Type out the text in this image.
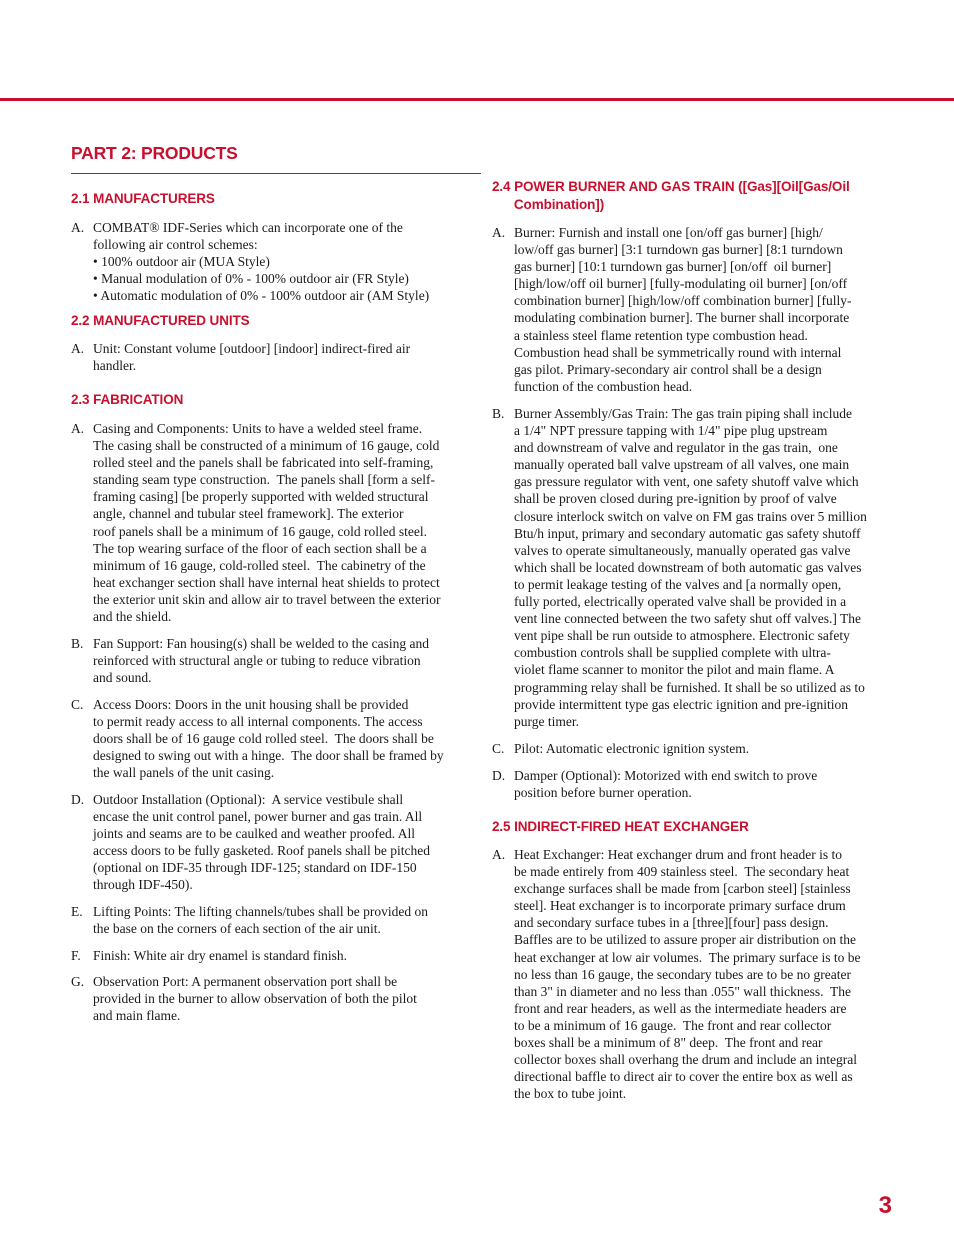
PART 2: PRODUCTS
2.1 MANUFACTURERS
A. COMBAT® IDF-Series which can incorporate one of the
following air control schemes:
• 100% outdoor air (MUA Style)
• Manual modulation of 0% - 100% outdoor air (FR Style)
• Automatic modulation of 0% - 100% outdoor air (AM Style)
2.2 MANUFACTURED UNITS
A. Unit: Constant volume [outdoor] [indoor] indirect-fired air
handler.
2.3 FABRICATION
A. Casing and Components: Units to have a welded steel frame.
The casing shall be constructed of a minimum of 16 gauge, cold
rolled steel and the panels shall be fabricated into self-framing,
standing seam type construction.  The panels shall [form a self-
framing casing] [be properly supported with welded structural
angle, channel and tubular steel framework]. The exterior
roof panels shall be a minimum of 16 gauge, cold rolled steel.
The top wearing surface of the floor of each section shall be a
minimum of 16 gauge, cold-rolled steel.  The cabinetry of the
heat exchanger section shall have internal heat shields to protect
the exterior unit skin and allow air to travel between the exterior
and the shield.
B. Fan Support: Fan housing(s) shall be welded to the casing and
reinforced with structural angle or tubing to reduce vibration
and sound.
C. Access Doors: Doors in the unit housing shall be provided
to permit ready access to all internal components. The access
doors shall be of 16 gauge cold rolled steel.  The doors shall be
designed to swing out with a hinge.  The door shall be framed by
the wall panels of the unit casing.
D. Outdoor Installation (Optional):  A service vestibule shall
encase the unit control panel, power burner and gas train. All
joints and seams are to be caulked and weather proofed. All
access doors to be fully gasketed. Roof panels shall be pitched
(optional on IDF-35 through IDF-125; standard on IDF-150
through IDF-450).
E. Lifting Points: The lifting channels/tubes shall be provided on
the base on the corners of each section of the air unit.
F. Finish: White air dry enamel is standard finish.
G. Observation Port: A permanent observation port shall be
provided in the burner to allow observation of both the pilot
and main flame.
2.4 POWER BURNER AND GAS TRAIN ([Gas][Oil[Gas/Oil
Combination])
A. Burner: Furnish and install one [on/off gas burner] [high/
low/off gas burner] [3:1 turndown gas burner] [8:1 turndown
gas burner] [10:1 turndown gas burner] [on/off  oil burner]
[high/low/off oil burner] [fully-modulating oil burner] [on/off
combination burner] [high/low/off combination burner] [fully-
modulating combination burner]. The burner shall incorporate
a stainless steel flame retention type combustion head.
Combustion head shall be symmetrically round with internal
gas pilot. Primary-secondary air control shall be a design
function of the combustion head.
B. Burner Assembly/Gas Train: The gas train piping shall include
a 1/4" NPT pressure tapping with 1/4" pipe plug upstream
and downstream of valve and regulator in the gas train,  one
manually operated ball valve upstream of all valves, one main
gas pressure regulator with vent, one safety shutoff valve which
shall be proven closed during pre-ignition by proof of valve
closure interlock switch on valve on FM gas trains over 5 million
Btu/h input, primary and secondary automatic gas safety shutoff
valves to operate simultaneously, manually operated gas valve
which shall be located downstream of both automatic gas valves
to permit leakage testing of the valves and [a normally open,
fully ported, electrically operated valve shall be provided in a
vent line connected between the two safety shut off valves.] The
vent pipe shall be run outside to atmosphere. Electronic safety
combustion controls shall be supplied complete with ultra-
violet flame scanner to monitor the pilot and main flame. A
programming relay shall be furnished. It shall be so utilized as to
provide intermittent type gas electric ignition and pre-ignition
purge timer.
C. Pilot: Automatic electronic ignition system.
D. Damper (Optional): Motorized with end switch to prove
position before burner operation.
2.5 INDIRECT-FIRED HEAT EXCHANGER
A. Heat Exchanger: Heat exchanger drum and front header is to
be made entirely from 409 stainless steel.  The secondary heat
exchange surfaces shall be made from [carbon steel] [stainless
steel]. Heat exchanger is to incorporate primary surface drum
and secondary surface tubes in a [three][four] pass design.
Baffles are to be utilized to assure proper air distribution on the
heat exchanger at low air volumes.  The primary surface is to be
no less than 16 gauge, the secondary tubes are to be no greater
than 3" in diameter and no less than .055" wall thickness.  The
front and rear headers, as well as the intermediate headers are
to be a minimum of 16 gauge.  The front and rear collector
boxes shall be a minimum of 8" deep.  The front and rear
collector boxes shall overhang the drum and include an integral
directional baffle to direct air to cover the entire box as well as
the box to tube joint.
3
